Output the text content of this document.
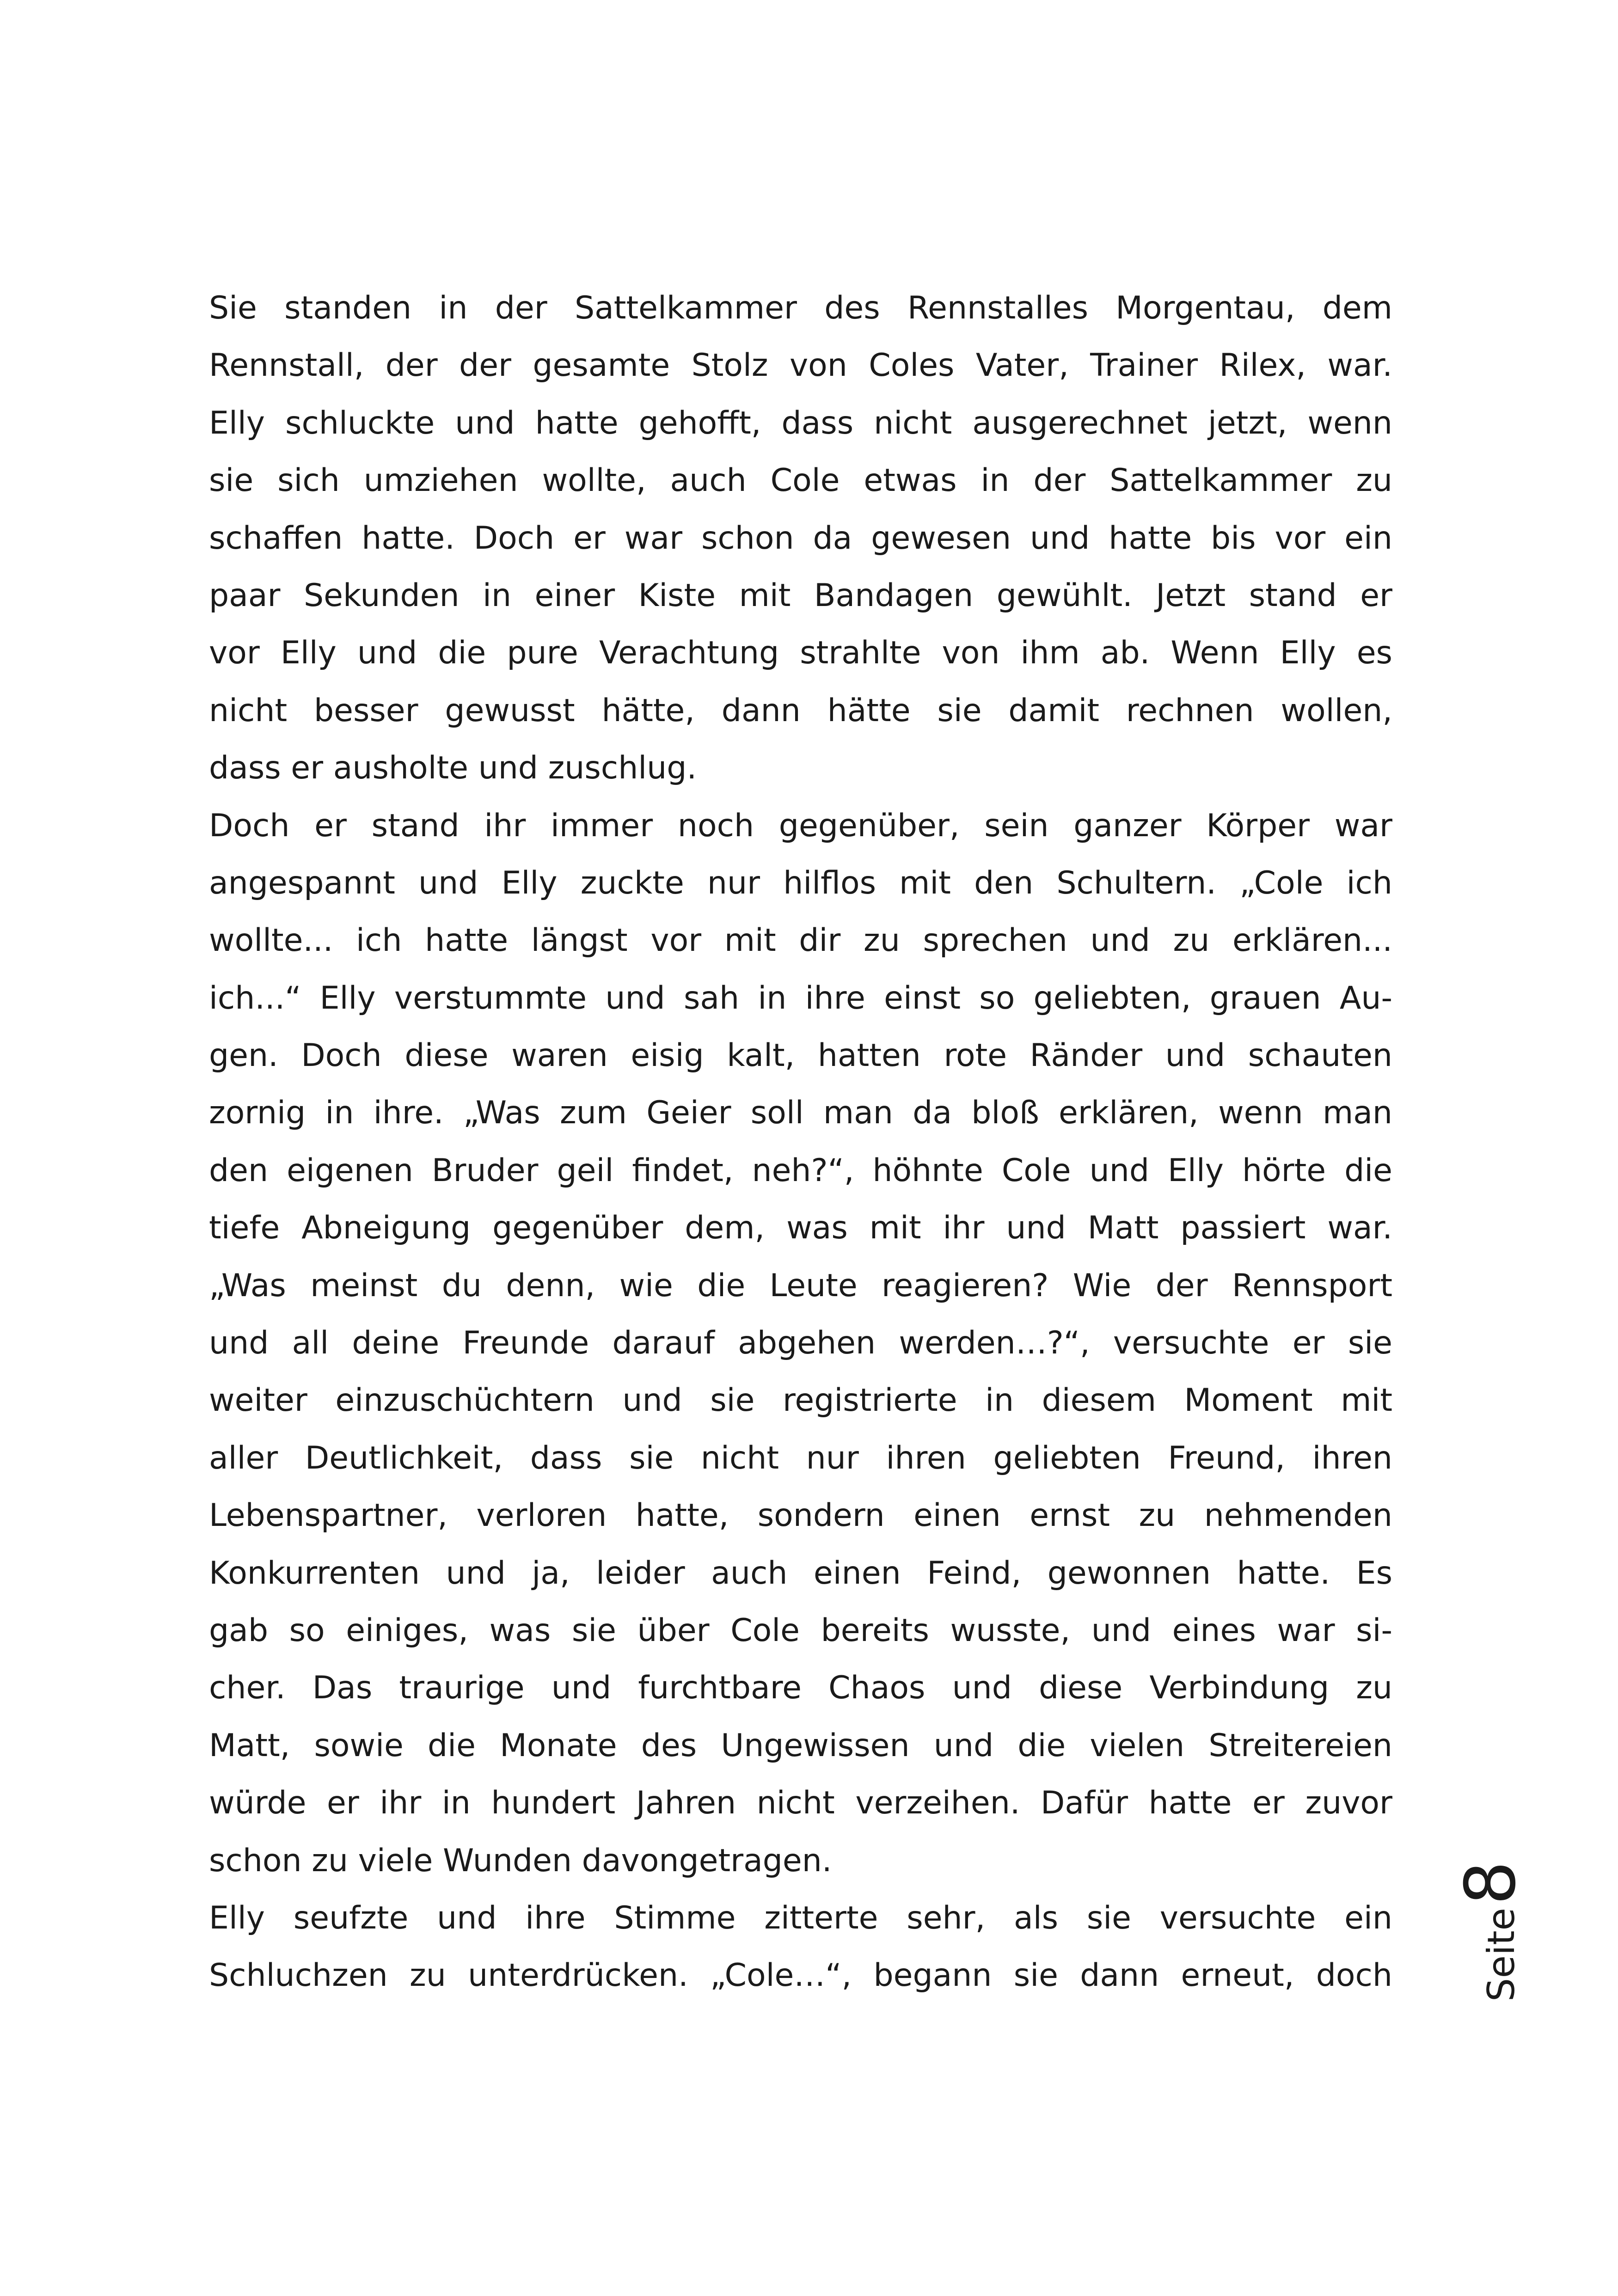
Sie standen in der Sattelkammer des Rennstalles Morgentau, dem
Rennstall, der der gesamte Stolz von Coles Vater, Trainer Rilex, war.
Elly schluckte und hatte gehofft, dass nicht ausgerechnet jetzt, wenn
sie sich umziehen wollte, auch Cole etwas in der Sattelkammer zu
schaffen hatte. Doch er war schon da gewesen und hatte bis vor ein
paar Sekunden in einer Kiste mit Bandagen gewühlt. Jetzt stand er
vor Elly und die pure Verachtung strahlte von ihm ab. Wenn Elly es
nicht besser gewusst hätte, dann hätte sie damit rechnen wollen,
dass er ausholte und zuschlug.
Doch er stand ihr immer noch gegenüber, sein ganzer Körper war
angespannt und Elly zuckte nur hilflos mit den Schultern. „Cole ich
wollte... ich hatte längst vor mit dir zu sprechen und zu erklären...
ich...“ Elly verstummte und sah in ihre einst so geliebten, grauen Au-
gen. Doch diese waren eisig kalt, hatten rote Ränder und schauten
zornig in ihre. „Was zum Geier soll man da bloß erklären, wenn man
den eigenen Bruder geil findet, neh?“, höhnte Cole und Elly hörte die
tiefe Abneigung gegenüber dem, was mit ihr und Matt passiert war.
„Was meinst du denn, wie die Leute reagieren? Wie der Rennsport
und all deine Freunde darauf abgehen werden…?“, versuchte er sie
weiter einzuschüchtern und sie registrierte in diesem Moment mit
aller Deutlichkeit, dass sie nicht nur ihren geliebten Freund, ihren
Lebenspartner, verloren hatte, sondern einen ernst zu nehmenden
Konkurrenten und ja, leider auch einen Feind, gewonnen hatte. Es
gab so einiges, was sie über Cole bereits wusste, und eines war si-
cher. Das traurige und furchtbare Chaos und diese Verbindung zu
Matt, sowie die Monate des Ungewissen und die vielen Streitereien
würde er ihr in hundert Jahren nicht verzeihen. Dafür hatte er zuvor
schon zu viele Wunden davongetragen.
Elly seufzte und ihre Stimme zitterte sehr, als sie versuchte ein
Schluchzen zu unterdrücken. „Cole…“, begann sie dann erneut, doch Seite
8
